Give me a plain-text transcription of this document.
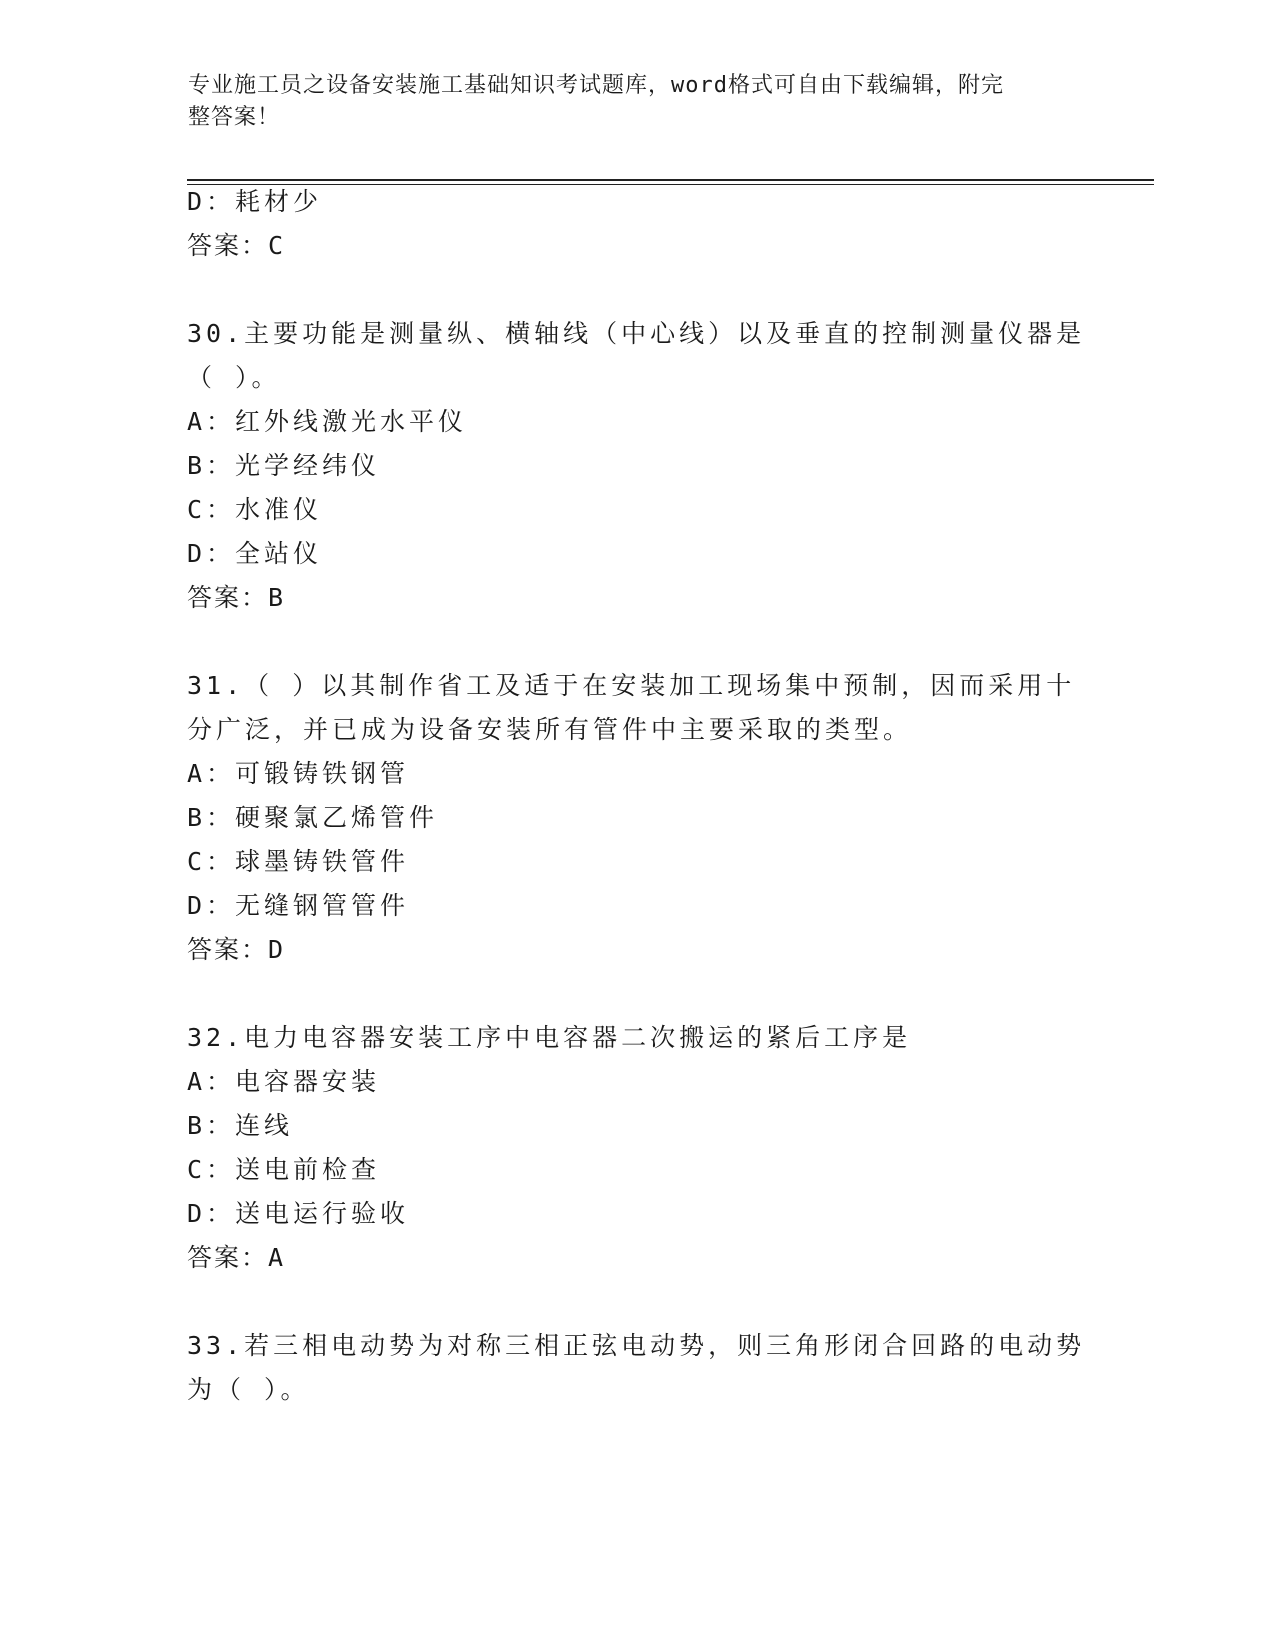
专业施工员之设备安装施工基础知识考试题库，word格式可自由下载编辑，附完
整答案！
D：耗材少
答案：C
30.主要功能是测量纵、横轴线（中心线）以及垂直的控制测量仪器是
（ ）。
A：红外线激光水平仪
B：光学经纬仪
C：水准仪
D：全站仪
答案：B
31.（ ）以其制作省工及适于在安装加工现场集中预制，因而采用十
分广泛，并已成为设备安装所有管件中主要采取的类型。
A：可锻铸铁钢管
B：硬聚氯乙烯管件
C：球墨铸铁管件
D：无缝钢管管件
答案：D
32.电力电容器安装工序中电容器二次搬运的紧后工序是
A：电容器安装
B：连线
C：送电前检查
D：送电运行验收
答案：A
33.若三相电动势为对称三相正弦电动势，则三角形闭合回路的电动势
为（ ）。
